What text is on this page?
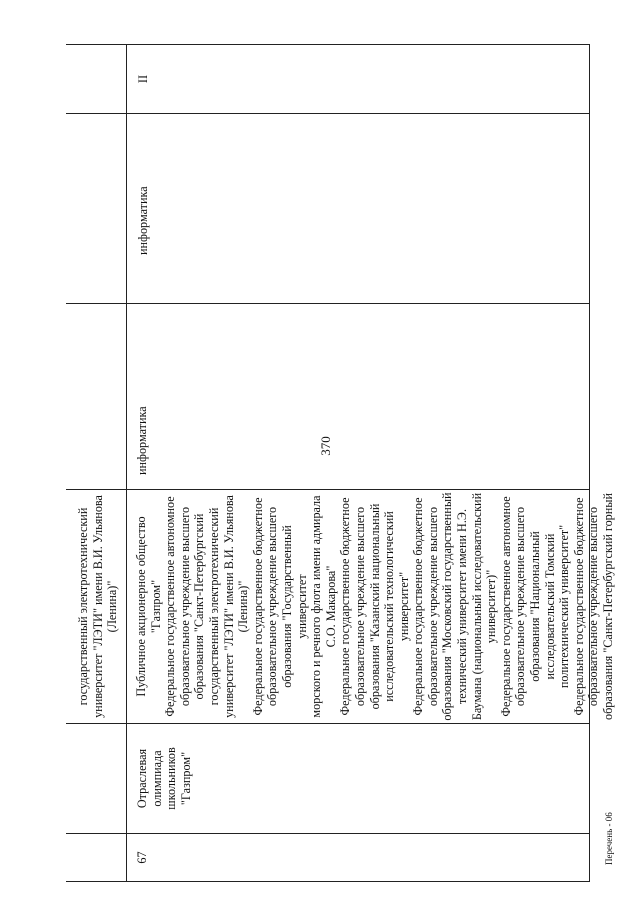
370
Перечень - 06
государственный электротехнический университет "ЛЭТИ" имени В.И. Ульянова (Ленина)"
67
Отраслевая олимпиада школьников "Газпром"
Публичное акционерное общество "Газпром" Федеральное государственное автономное образовательное учреждение высшего образования "Санкт-Петербургский государственный электротехнический университет "ЛЭТИ" имени В.И. Ульянова (Ленина)" Федеральное государственное бюджетное образовательное учреждение высшего образования "Государственный университет морского и речного флота имени адмирала С.О. Макарова" Федеральное государственное бюджетное образовательное учреждение высшего образования "Казанский национальный исследовательский технологический университет" Федеральное государственное бюджетное образовательное учреждение высшего образования "Московский государственный технический университет имени Н.Э. Баумана (национальный исследовательский университет)" Федеральное государственное автономное образовательное учреждение высшего образования "Национальный исследовательский Томский политехнический университет" Федеральное государственное бюджетное образовательное учреждение высшего образования "Санкт-Петербургский горный
информатика
информатика
II
